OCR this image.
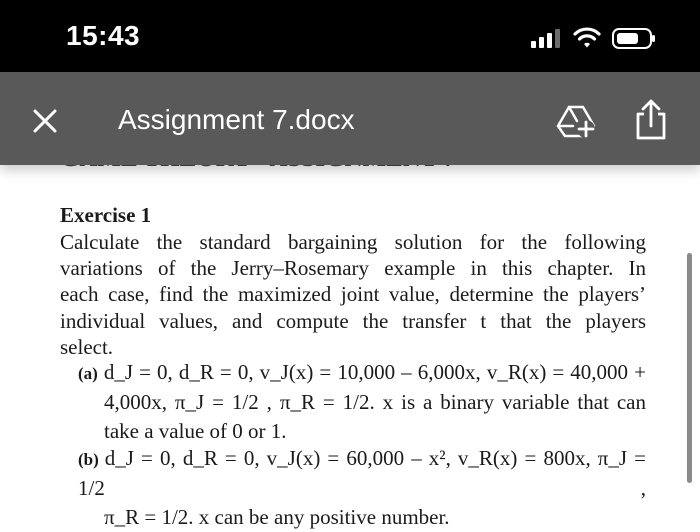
15:43
Assignment 7.docx
Exercise 1
Calculate the standard bargaining solution for the following
variations of the Jerry–Rosemary example in this chapter. In
each case, find the maximized joint value, determine the players’
individual values, and compute the transfer t that the players
select.
(a) d_J = 0, d_R = 0, v_J(x) = 10,000 – 6,000x, v_R(x) = 40,000 +
4,000x, π_J = 1/2 , π_R = 1/2. x is a binary variable that can
take a value of 0 or 1.
(b) d_J = 0, d_R = 0, v_J(x) = 60,000 – x², v_R(x) = 800x, π_J = 1/2 ,
π_R = 1/2. x can be any positive number.
